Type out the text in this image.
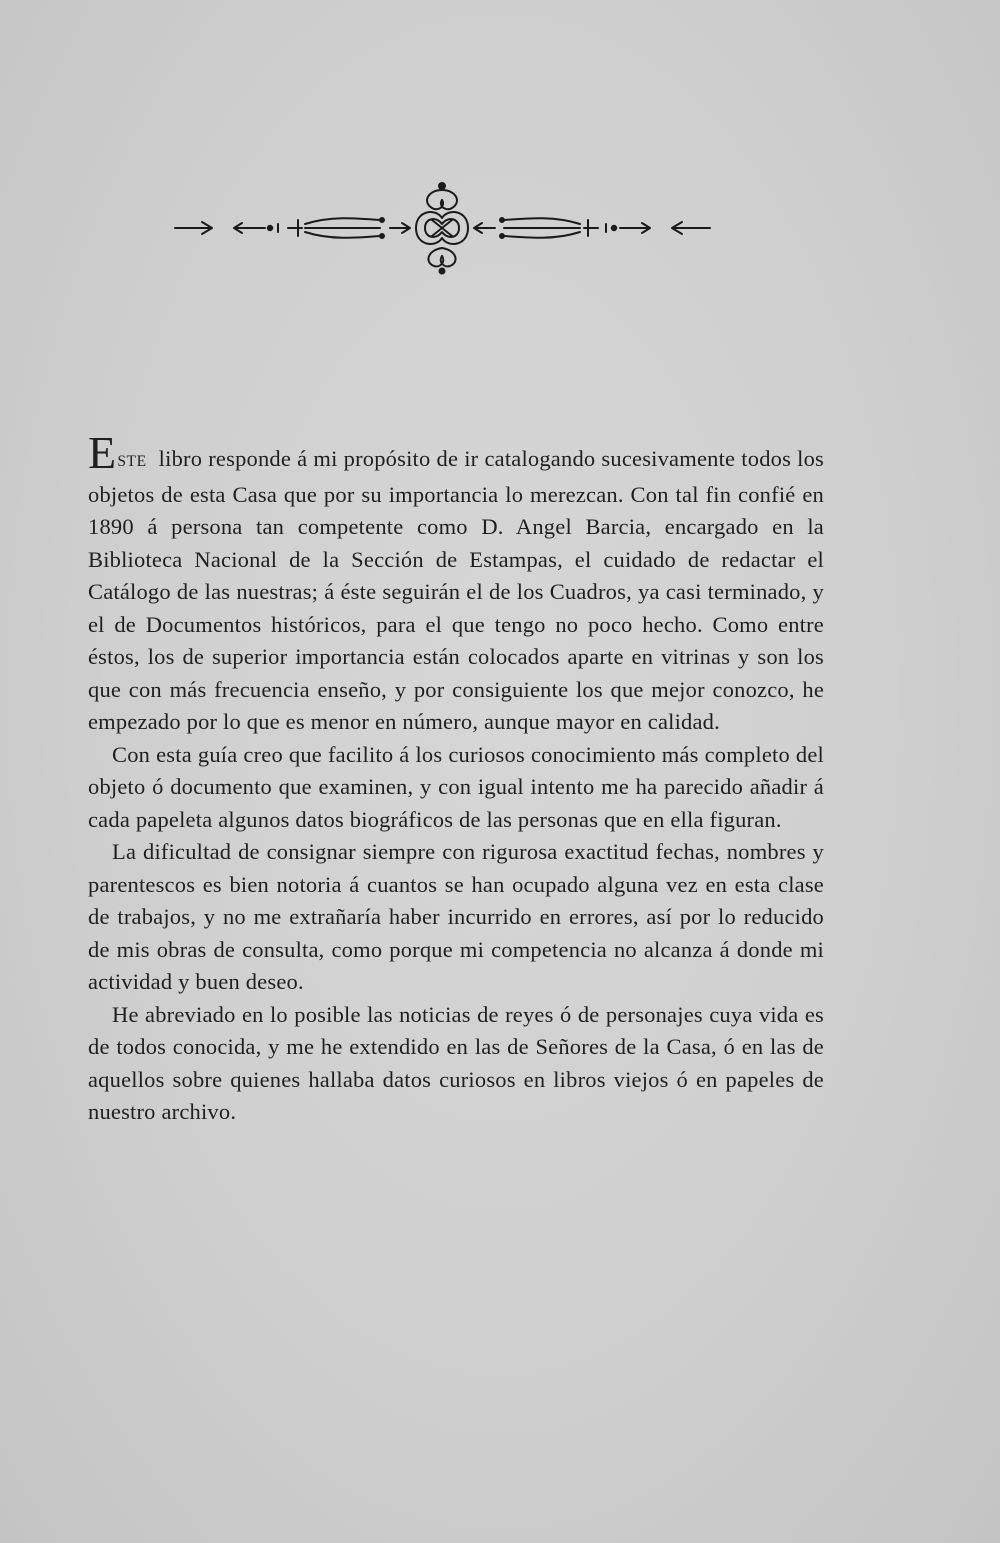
ESTE libro responde á mi propósito de ir catalogando sucesivamente todos los objetos de esta Casa que por su importancia lo merezcan. Con tal fin confié en 1890 á persona tan competente como D. Angel Barcia, encargado en la Biblioteca Nacional de la Sección de Estampas, el cuidado de redactar el Catálogo de las nuestras; á éste seguirán el de los Cuadros, ya casi terminado, y el de Documentos históricos, para el que tengo no poco hecho. Como entre éstos, los de superior importancia están colocados aparte en vitrinas y son los que con más frecuencia enseño, y por consiguiente los que mejor conozco, he empezado por lo que es menor en número, aunque mayor en calidad.

Con esta guía creo que facilito á los curiosos conocimiento más completo del objeto ó documento que examinen, y con igual intento me ha parecido añadir á cada papeleta algunos datos biográficos de las personas que en ella figuran.

La dificultad de consignar siempre con rigurosa exactitud fechas, nombres y parentescos es bien notoria á cuantos se han ocupado alguna vez en esta clase de trabajos, y no me extrañaría haber incurrido en errores, así por lo reducido de mis obras de consulta, como porque mi competencia no alcanza á donde mi actividad y buen deseo.

He abreviado en lo posible las noticias de reyes ó de personajes cuya vida es de todos conocida, y me he extendido en las de Señores de la Casa, ó en las de aquellos sobre quienes hallaba datos curiosos en libros viejos ó en papeles de nuestro archivo.
